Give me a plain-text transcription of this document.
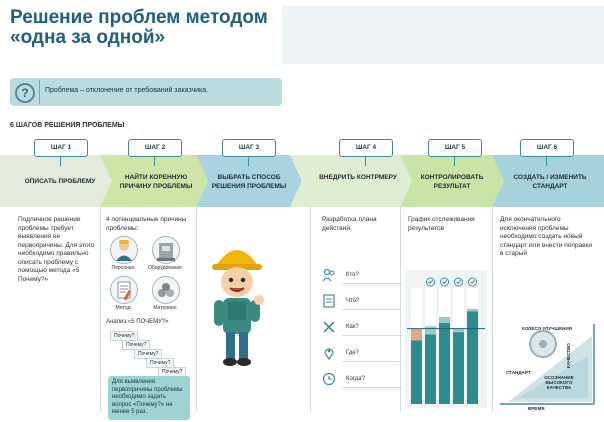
Решение проблем методом
«одна за одной»
?	Проблема – отклонение от требований заказчика.
6 ШАГОВ РЕШЕНИЯ ПРОБЛЕМЫ
ШАГ 1	ШАГ 2	ШАГ 3	ШАГ 4	ШАГ 5	ШАГ 6
ОПИСАТЬ ПРОБЛЕМУ
НАЙТИ КОРЕННУЮ ПРИЧИНУ ПРОБЛЕМЫ
ВЫБРАТЬ СПОСОБ РЕШЕНИЯ ПРОБЛЕМЫ
ВНЕДРИТЬ КОНТРМЕРУ	КОНТРОЛИРОВАТЬ РЕЗУЛЬТАТ
СОЗДАТЬ / ИЗМЕНИТЬ СТАНДАРТ
Подлинное решение проблемы требует выявления ее первопричины. Для этого необходимо правильно описать проблему с помощью метода «5 Почему?»
4 потенциальные причины проблемы:
Персонал	Оборудование
Метод	Материал
Анализ «5 ПОЧЕМУ?»
Почему?
Почему?
Почему?
Почему?
Почему?
Для выявления первопричины проблемы необходимо задать вопрос «Почему?» не менее 5 раз.
Разработка плана действий:
Кто?
Что?
Как?
Где?
Когда?
График отслеживания результатов
Для окончательного исключения проблемы необходимо создать новый стандарт или внести поправки в старый
КОЛЕСО УЛУЧШЕНИЯ
КАЧЕСТВО
СТАНДАРТ
ОСОЗНАНИЕ ВЫСОКОГО КАЧЕСТВА
ВРЕМЯ
